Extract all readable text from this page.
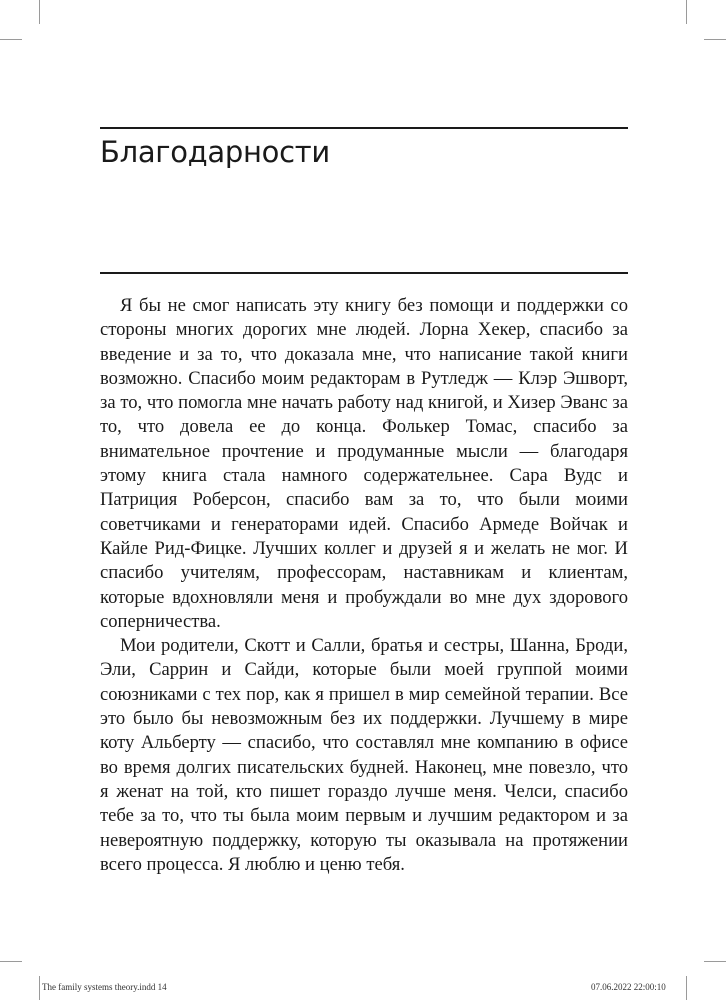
Благодарности

Я бы не смог написать эту книгу без помощи и поддержки со стороны многих дорогих мне людей. Лорна Хекер, спасибо за введение и за то, что доказала мне, что написание такой книги возможно. Спасибо моим редакторам в Рутледж — Клэр Эшворт, за то, что помогла мне начать работу над книгой, и Хизер Эванс за то, что довела ее до конца. Фолькер Томас, спасибо за внимательное прочтение и продуманные мысли — благодаря этому книга стала намного содержательнее. Сара Вудс и Патриция Роберсон, спасибо вам за то, что были моими советчиками и генераторами идей. Спасибо Армеде Войчак и Кайле Рид-Фицке. Лучших коллег и друзей я и желать не мог. И спасибо учителям, профессорам, наставникам и клиентам, которые вдохновляли меня и пробуждали во мне дух здорового соперничества.

Мои родители, Скотт и Салли, братья и сестры, Шанна, Броди, Эли, Саррин и Сайди, которые были моей группой моими союзниками с тех пор, как я пришел в мир семейной терапии. Все это было бы невозможным без их поддержки. Лучшему в мире коту Альберту — спасибо, что составлял мне компанию в офисе во время долгих писательских будней. Наконец, мне повезло, что я женат на той, кто пишет гораздо лучше меня. Челси, спасибо тебе за то, что ты была моим первым и лучшим редактором и за невероятную поддержку, которую ты оказывала на протяжении всего процесса. Я люблю и ценю тебя.

The family systems theory.indd 14	07.06.2022 22:00:10
